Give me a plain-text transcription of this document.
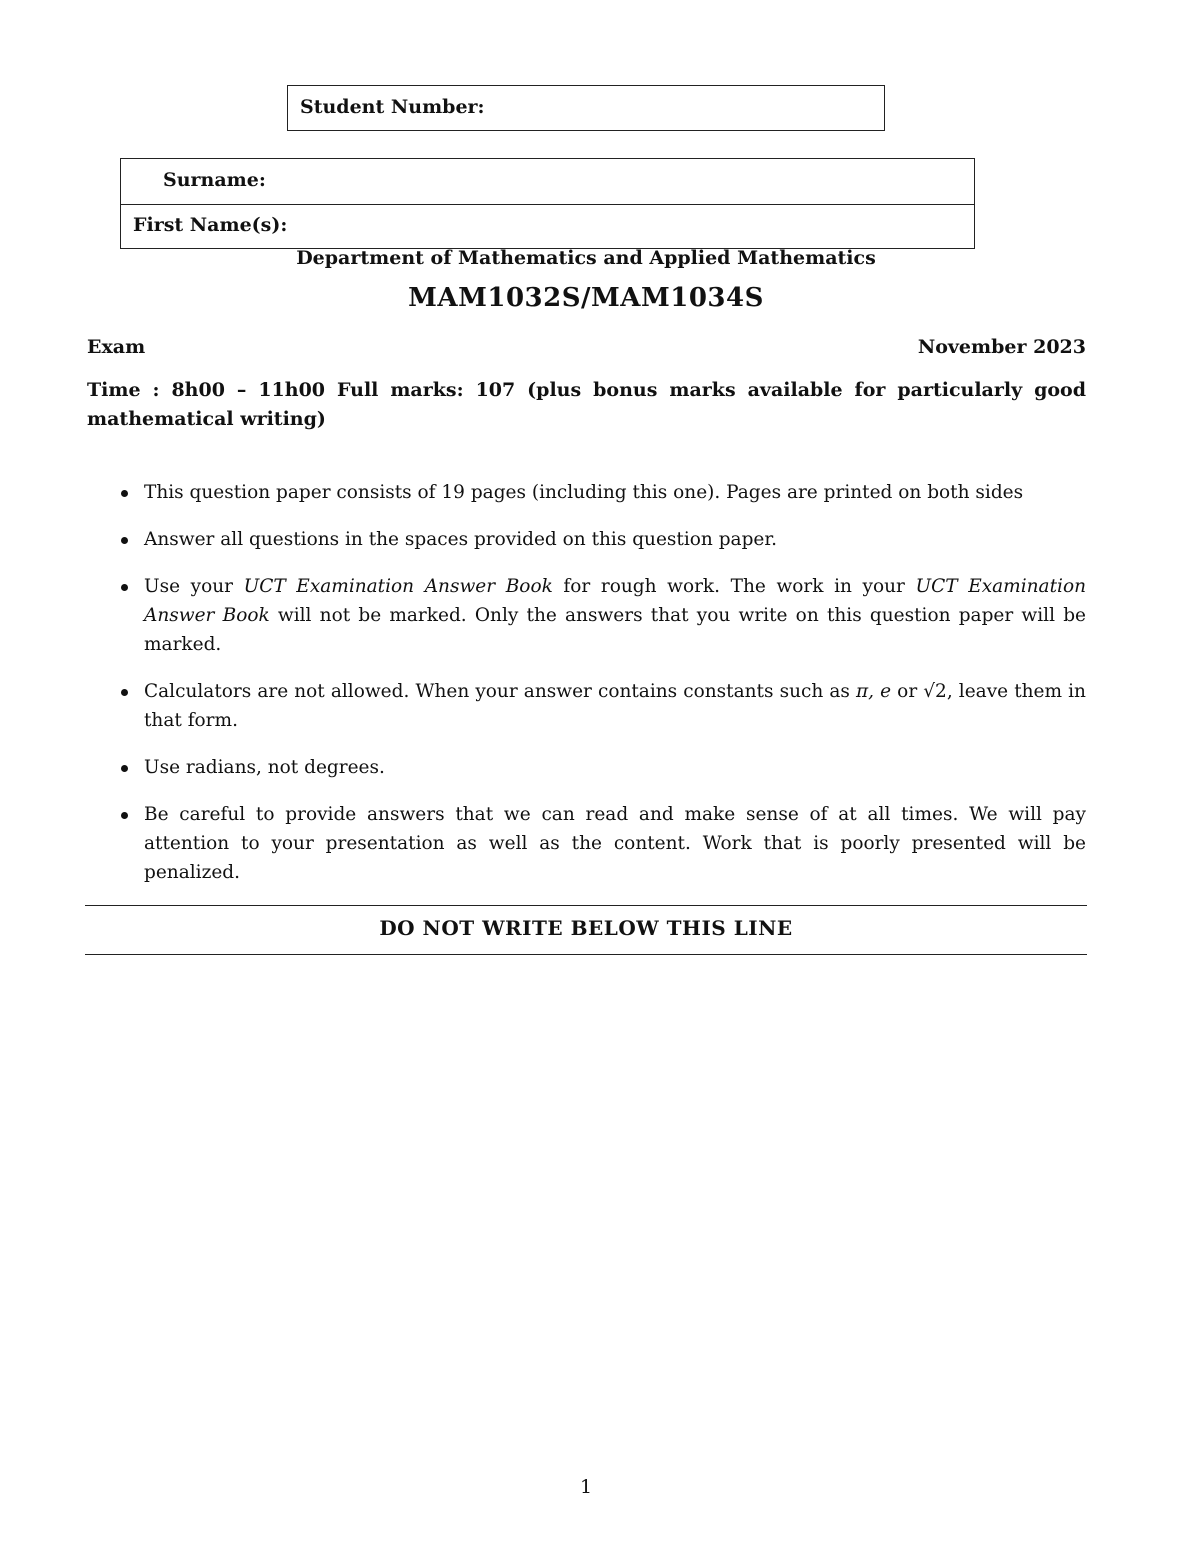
Student Number:
Surname:
First Name(s):
Department of Mathematics and Applied Mathematics
MAM1032S/MAM1034S
Exam	November 2023
Time : 8h00 – 11h00 Full marks: 107 (plus bonus marks available for particularly good mathematical writing)
This question paper consists of 19 pages (including this one). Pages are printed on both sides
Answer all questions in the spaces provided on this question paper.
Use your UCT Examination Answer Book for rough work. The work in your UCT Examination Answer Book will not be marked. Only the answers that you write on this question paper will be marked.
Calculators are not allowed. When your answer contains constants such as π, e or √2, leave them in that form.
Use radians, not degrees.
Be careful to provide answers that we can read and make sense of at all times. We will pay attention to your presentation as well as the content. Work that is poorly presented will be penalized.
DO NOT WRITE BELOW THIS LINE
1
